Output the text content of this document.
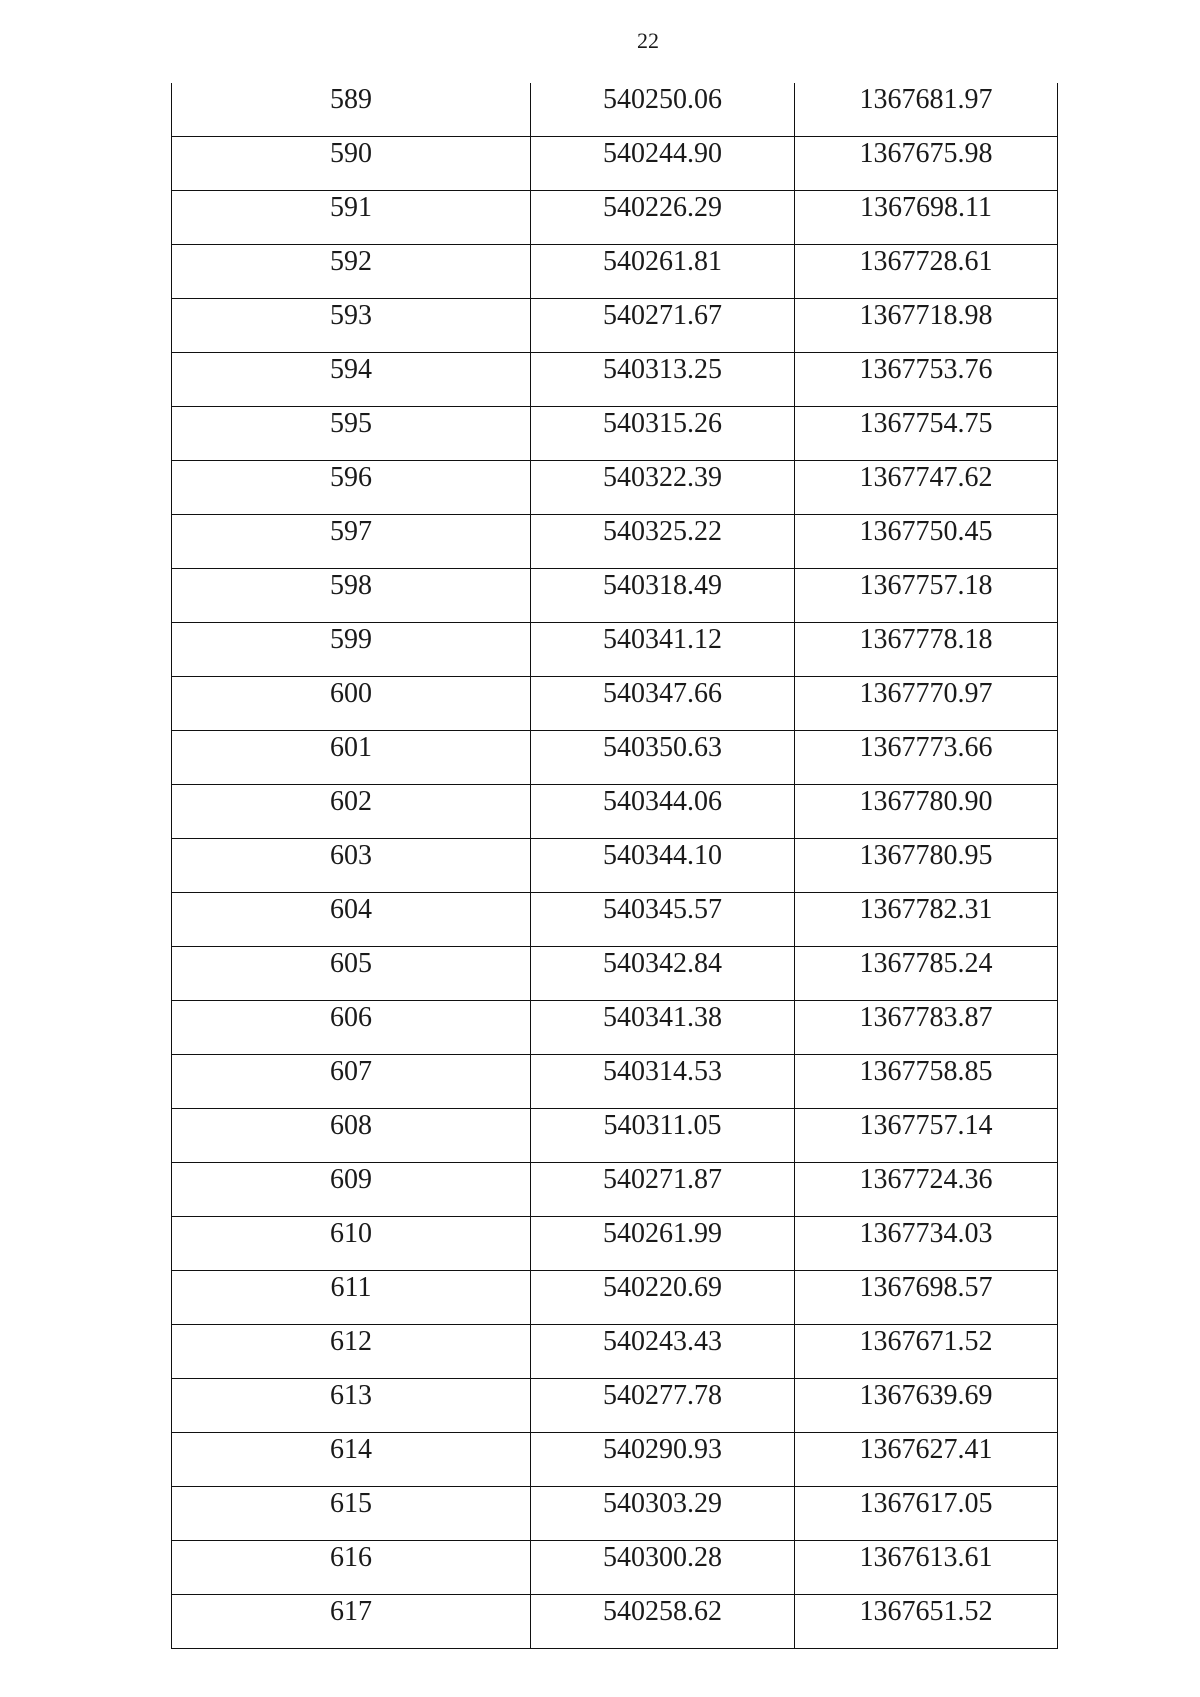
22
589	540250.06	1367681.97
590	540244.90	1367675.98
591	540226.29	1367698.11
592	540261.81	1367728.61
593	540271.67	1367718.98
594	540313.25	1367753.76
595	540315.26	1367754.75
596	540322.39	1367747.62
597	540325.22	1367750.45
598	540318.49	1367757.18
599	540341.12	1367778.18
600	540347.66	1367770.97
601	540350.63	1367773.66
602	540344.06	1367780.90
603	540344.10	1367780.95
604	540345.57	1367782.31
605	540342.84	1367785.24
606	540341.38	1367783.87
607	540314.53	1367758.85
608	540311.05	1367757.14
609	540271.87	1367724.36
610	540261.99	1367734.03
611	540220.69	1367698.57
612	540243.43	1367671.52
613	540277.78	1367639.69
614	540290.93	1367627.41
615	540303.29	1367617.05
616	540300.28	1367613.61
617	540258.62	1367651.52
